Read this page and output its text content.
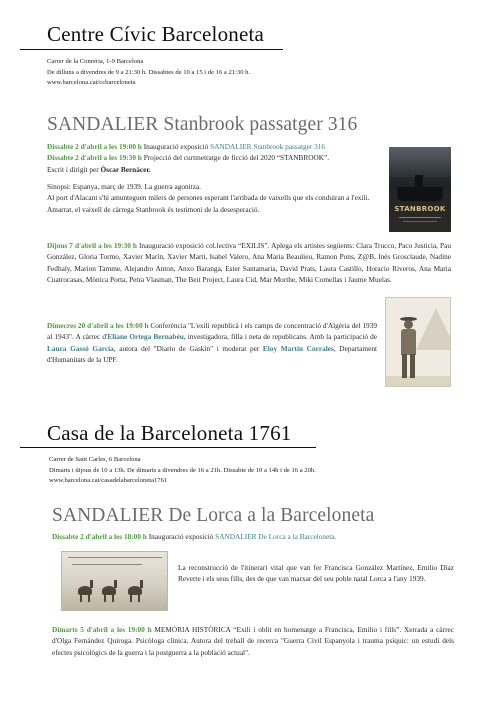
Centre Cívic Barceloneta
Carrer de la Conreria, 1-9 Barcelona
De dilluns a divendres de 9 a 21:30 h. Dissabtes de 10 a 15 i de 16 a 21:30 h.
www.barcelona.cat/ccbarceloneta
SANDALIER Stanbrook passatger 316
Dissabte 2 d'abril a les 19:00 h Inauguració exposició SANDALIER Stanbrook passatger 316
Dissabte 2 d'abril a les 19:30 h Projecció del curtmetratge de ficció del 2020 “STANBROOK”.
Escrit i dirigit per Òscar Bernàcer.
Sinopsi: Espanya, març de 1939. La guerra agonitza.
Al port d'Alacant s'hi amunteguen milers de persones esperant l'arribada de vaixells que els conduiran a l'exili.
Amarrat, el vaixell de càrrega Stanbrook és testimoni de la desesperació.	STANBROOK
Dijous 7 d'abril a les 19:30 h Inauguració exposició col.lectiva “EXILIS”. Aplega els artistes següents: Clara Trucco, Paco Justicia, Pau González, Gloria Tormo, Xavier Marín, Xavier Martí, Isabel Valero, Ana Maria Beaulieu, Ramon Pons, Z@B, Inés Grosclaude, Nadine Fedhaly, Marion Tamme, Alejandro Anton, Anxo Baranga, Ester Santamaria, David Prats, Laura Castillo, Horacio Riveros, Ana Maria Cuatrocasas, Mònica Porta, Petra Vlasman, The Beit Project, Laura Cid, Mar Morthe, Miki Comellas i Jaume Muelas.
Dimecres 20 d'abril a les 19:00 h Conferència "L'exili republicà i els camps de concentració d'Algèria del 1939 al 1943". A càrrec d'Eliane Ortega Bernabéu, investigadora, filla i neta de republicans. Amb la participació de Laura Gassó García, autora del "Diario de Gaskin" i moderat per Eloy Martín Corrales, Departament d'Humanitats de la UPF.
Casa de la Barceloneta 1761
Carrer de Sant Carles, 6 Barcelona
Dimarts i dijous de 10 a 13h. De dimarts a divendres de 16 a 21h. Dissabte de 10 a 14h i de 16 a 20h.
www.barcelona.cat/casadelabarceloneta1761
SANDALIER De Lorca a la Barceloneta
Dissabte 2 d'abril a les 18:00 h Inauguració exposició SANDALIER De Lorca a la Barceloneta.
La reconstrucció de l'itinerari vital que van fer Francisca González Martínez, Emilio Díaz Reverte i els seus fills, des de que van marxar del seu poble natal Lorca a l'any 1939.
Dimarts 5 d'abril a les 19:00 h MEMÒRIA HISTÒRICA “Exili i oblit en homenatge a Francisca, Emilio i fills”. Xerrada a càrrec d'Olga Fernández Quiroga. Psicòloga clínica. Autora del treball de recerca "Guerra Civil Espanyola i trauma psíquic: un estudi dels efectes psicològics de la guerra i la postguerra a la població actual".
